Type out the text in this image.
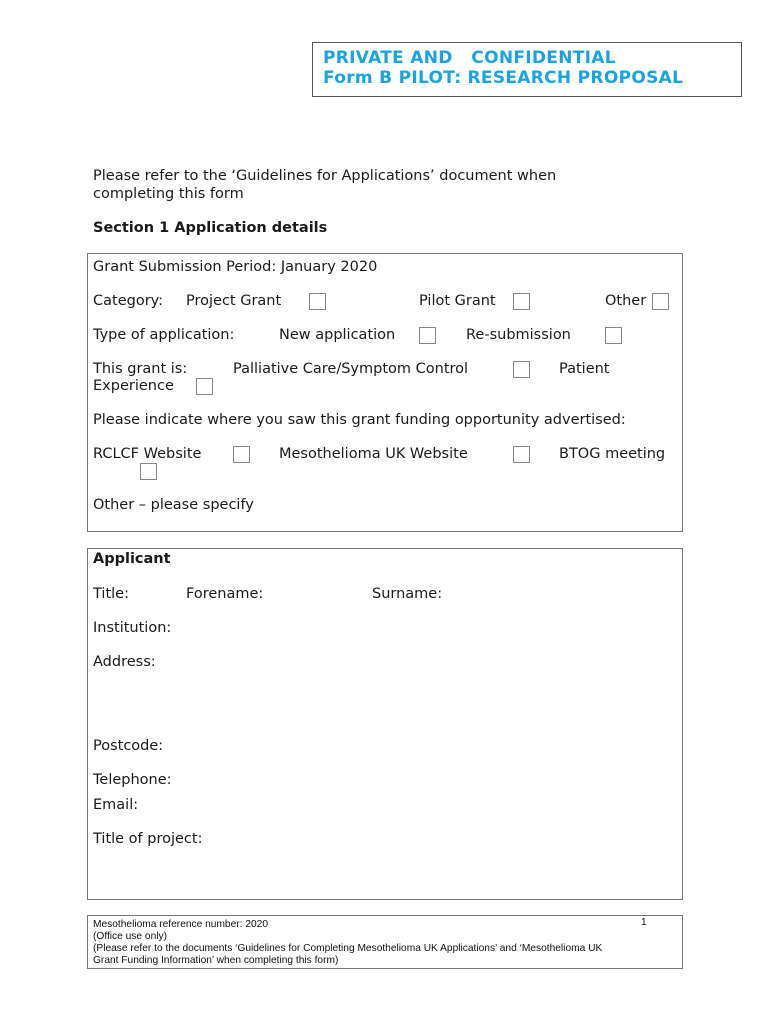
PRIVATE AND   CONFIDENTIAL
Form B PILOT: RESEARCH PROPOSAL
Please refer to the ‘Guidelines for Applications’ document when
completing this form
Section 1 Application details
Grant Submission Period: January 2020
Category: Project Grant	Pilot Grant	Other
Type of application:	New application	Re-submission
This grant is:	Palliative Care/Symptom Control	Patient
Experience
Please indicate where you saw this grant funding opportunity advertised:
RCLCF Website	Mesothelioma UK Website	BTOG meeting
Other – please specify
Applicant
Title:	Forename:	Surname:
Institution:
Address:
Postcode:
Telephone:
Email:
Title of project:
Mesothelioma reference number: 2020	1
(Office use only)
(Please refer to the documents ‘Guidelines for Completing Mesothelioma UK Applications’ and ‘Mesothelioma UK
Grant Funding Information’ when completing this form)
